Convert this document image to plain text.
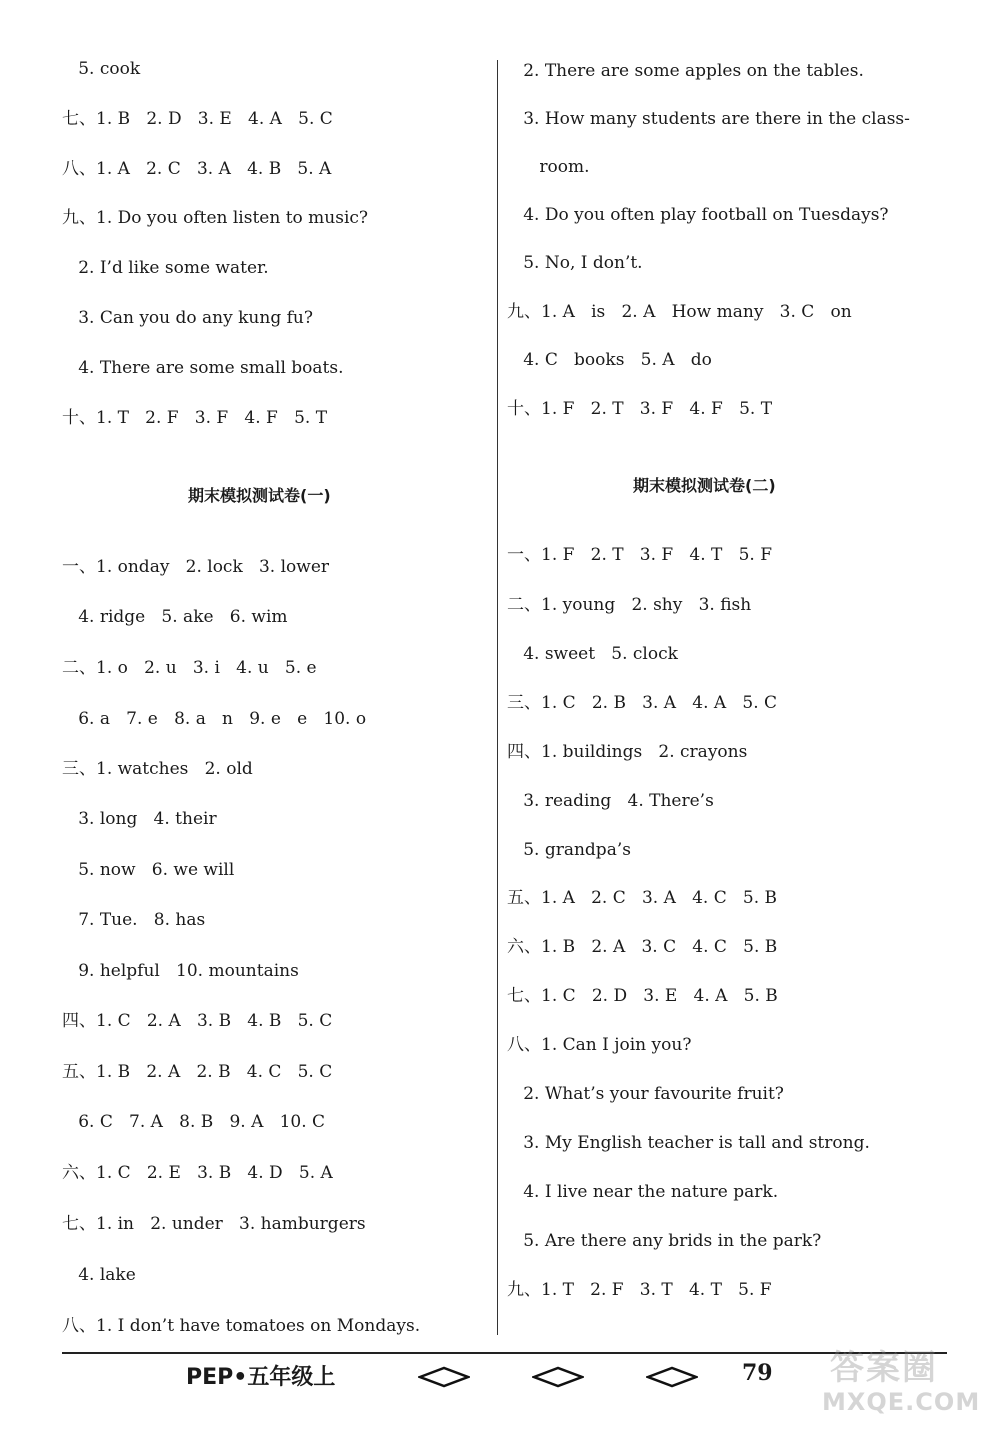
5. cook
七、1. B   2. D   3. E   4. A   5. C
八、1. A   2. C   3. A   4. B   5. A
九、1. Do you often listen to music?
2. I’d like some water.
3. Can you do any kung fu?
4. There are some small boats.
十、1. T   2. F   3. F   4. F   5. T
期末模拟测试卷(一)
一、1. onday   2. lock   3. lower
4. ridge   5. ake   6. wim
二、1. o   2. u   3. i   4. u   5. e
6. a   7. e   8. a   n   9. e   e   10. o
三、1. watches   2. old
3. long   4. their
5. now   6. we will
7. Tue.   8. has
9. helpful   10. mountains
四、1. C   2. A   3. B   4. B   5. C
五、1. B   2. A   2. B   4. C   5. C
6. C   7. A   8. B   9. A   10. C
六、1. C   2. E   3. B   4. D   5. A
七、1. in   2. under   3. hamburgers
4. lake
八、1. I don’t have tomatoes on Mondays.
2. There are some apples on the tables.
3. How many students are there in the class-
room.
4. Do you often play football on Tuesdays?
5. No, I don’t.
九、1. A   is   2. A   How many   3. C   on
4. C   books   5. A   do
十、1. F   2. T   3. F   4. F   5. T
期末模拟测试卷(二)
一、1. F   2. T   3. F   4. T   5. F
二、1. young   2. shy   3. fish
4. sweet   5. clock
三、1. C   2. B   3. A   4. A   5. C
四、1. buildings   2. crayons
3. reading   4. There’s
5. grandpa’s
五、1. A   2. C   3. A   4. C   5. B
六、1. B   2. A   3. C   4. C   5. B
七、1. C   2. D   3. E   4. A   5. B
八、1. Can I join you?
2. What’s your favourite fruit?
3. My English teacher is tall and strong.
4. I live near the nature park.
5. Are there any brids in the park?
九、1. T   2. F   3. T   4. T   5. F
PEP•五年级上	79 答案圈
MXQE.COM
